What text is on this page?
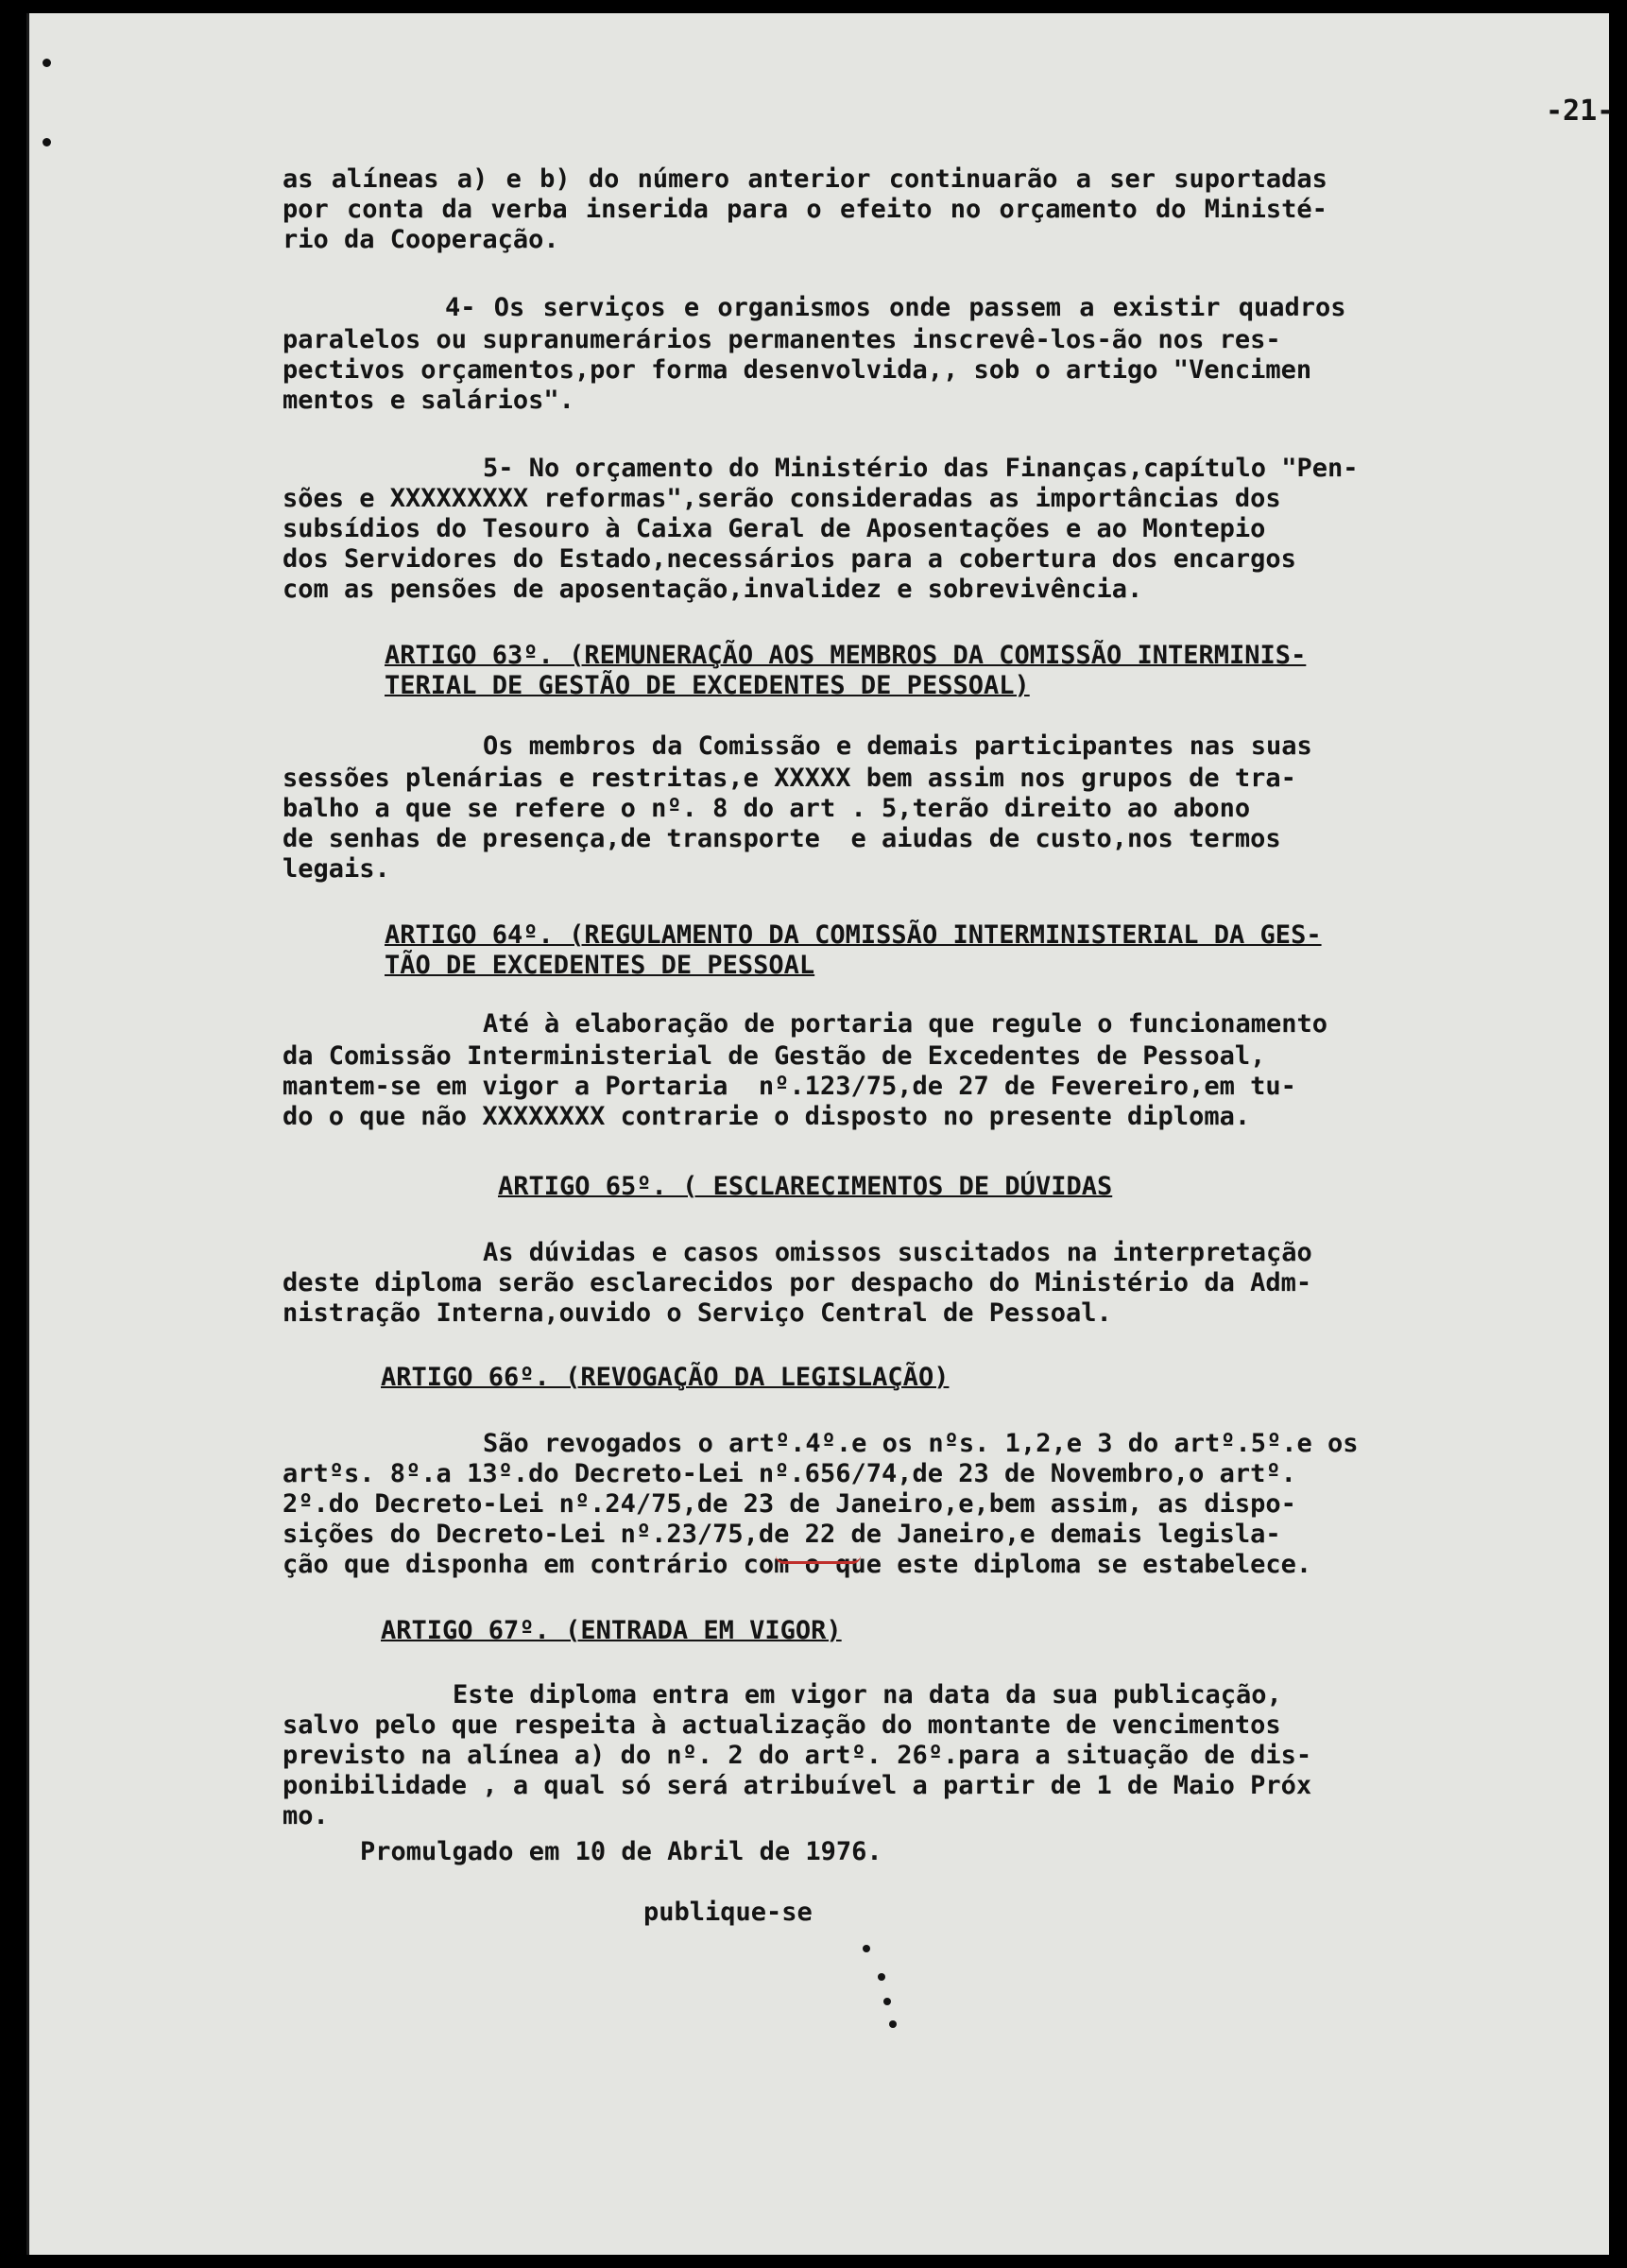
-21-
as alíneas a) e b) do número anterior continuarão a ser suportadas
por conta da verba inserida para o efeito no orçamento do Ministé-
rio da Cooperação.
4- Os serviços e organismos onde passem a existir quadros
paralelos ou supranumerários permanentes inscrevê-los-ão nos res-
pectivos orçamentos,por forma desenvolvida,, sob o artigo "Vencimen
mentos e salários".
5- No orçamento do Ministério das Finanças,capítulo "Pen-
sões e XXXXXXXXX reformas",serão consideradas as importâncias dos
subsídios do Tesouro à Caixa Geral de Aposentações e ao Montepio
dos Servidores do Estado,necessários para a cobertura dos encargos
com as pensões de aposentação,invalidez e sobrevivência.
ARTIGO 63º. (REMUNERAÇÃO AOS MEMBROS DA COMISSÃO INTERMINIS-
TERIAL DE GESTÃO DE EXCEDENTES DE PESSOAL)
Os membros da Comissão e demais participantes nas suas
sessões plenárias e restritas,e XXXXX bem assim nos grupos de tra-
balho a que se refere o nº. 8 do art . 5,terão direito ao abono
de senhas de presença,de transporte  e aiudas de custo,nos termos
legais.
ARTIGO 64º. (REGULAMENTO DA COMISSÃO INTERMINISTERIAL DA GES-
TÃO DE EXCEDENTES DE PESSOAL
Até à elaboração de portaria que regule o funcionamento
da Comissão Interministerial de Gestão de Excedentes de Pessoal,
mantem-se em vigor a Portaria  nº.123/75,de 27 de Fevereiro,em tu-
do o que não XXXXXXXX contrarie o disposto no presente diploma.
ARTIGO 65º. ( ESCLARECIMENTOS DE DÚVIDAS
As dúvidas e casos omissos suscitados na interpretação
deste diploma serão esclarecidos por despacho do Ministério da Adm-
nistração Interna,ouvido o Serviço Central de Pessoal.
ARTIGO 66º. (REVOGAÇÃO DA LEGISLAÇÃO)
São revogados o artº.4º.e os nºs. 1,2,e 3 do artº.5º.e os
artºs. 8º.a 13º.do Decreto-Lei nº.656/74,de 23 de Novembro,o artº.
2º.do Decreto-Lei nº.24/75,de 23 de Janeiro,e,bem assim, as dispo-
sições do Decreto-Lei nº.23/75,de 22 de Janeiro,e demais legisla-
ção que disponha em contrário com o que este diploma se estabelece.
ARTIGO 67º. (ENTRADA EM VIGOR)
Este diploma entra em vigor na data da sua publicação,
salvo pelo que respeita à actualização do montante de vencimentos
previsto na alínea a) do nº. 2 do artº. 26º.para a situação de dis-
ponibilidade , a qual só será atribuível a partir de 1 de Maio Próx
mo.
Promulgado em 10 de Abril de 1976.
publique-se
